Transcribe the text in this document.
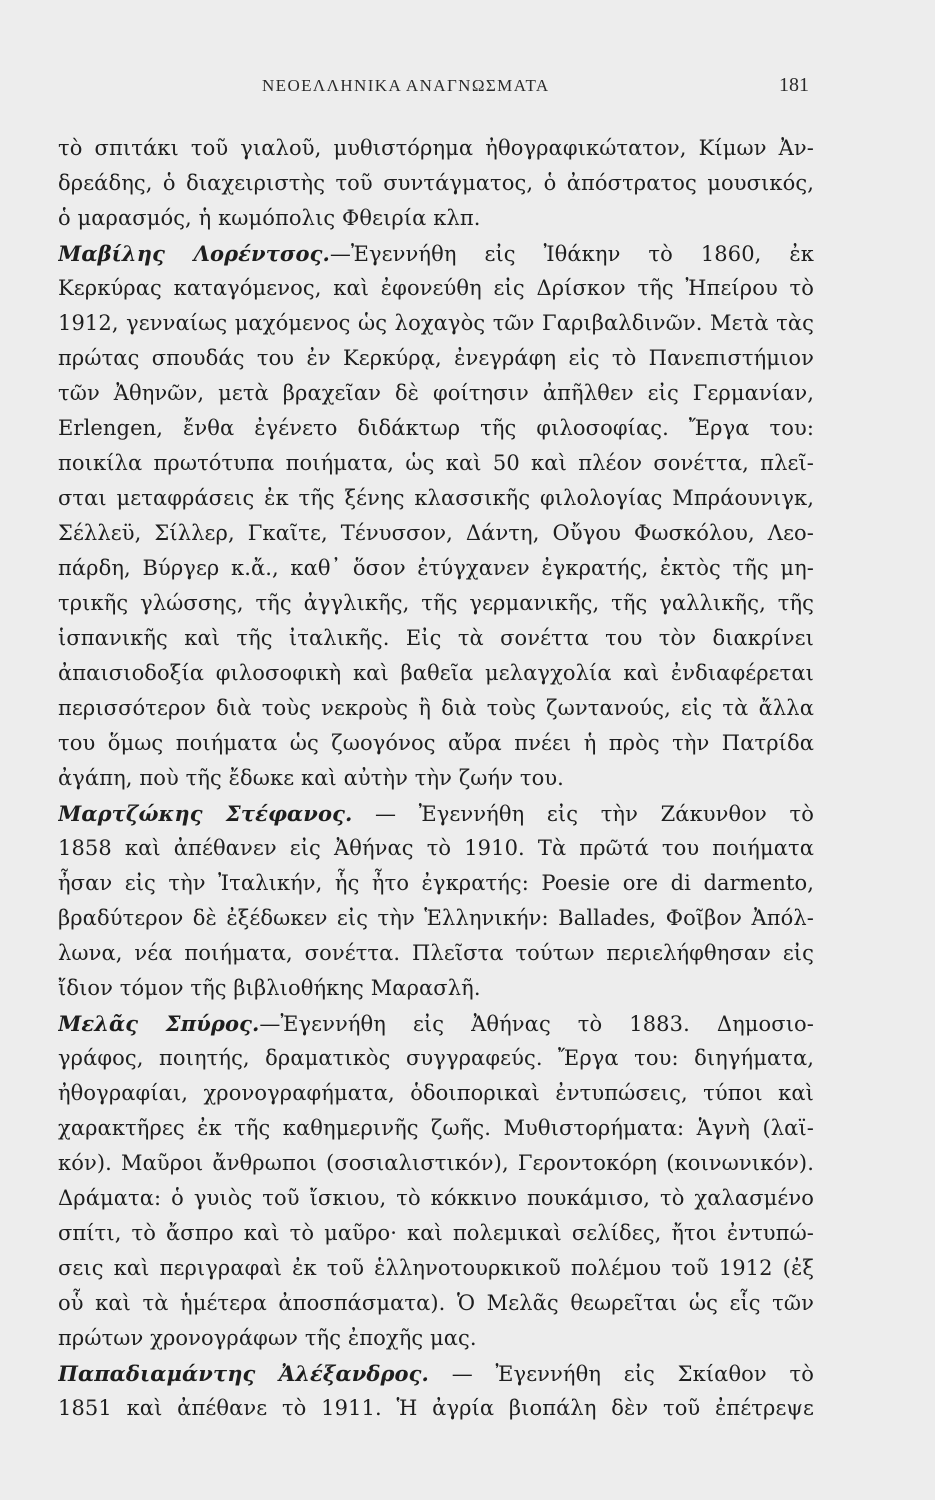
ΝΕΟΕΛΛΗΝΙΚΑ ΑΝΑΓΝΩΣΜΑΤΑ	181
τὸ σπιτάκι τοῦ γιαλοῦ, μυθιστόρημα ἠθογραφικώτατον, Κίμων Ἀν-
δρεάδης, ὁ διαχειριστὴς τοῦ συντάγματος, ὁ ἀπόστρατος μουσικός,
ὁ μαρασμός, ἡ κωμόπολις Φθειρία κλπ.
Μαβίλης Λορέντσος.—Ἐγεννήθη εἰς Ἰθάκην τὸ 1860, ἐκ
Κερκύρας καταγόμενος, καὶ ἐφονεύθη εἰς Δρίσκον τῆς Ἠπείρου τὸ
1912, γενναίως μαχόμενος ὡς λοχαγὸς τῶν Γαριβαλδινῶν. Μετὰ τὰς
πρώτας σπουδάς του ἐν Κερκύρᾳ, ἐνεγράφη εἰς τὸ Πανεπιστήμιον
τῶν Ἀθηνῶν, μετὰ βραχεῖαν δὲ φοίτησιν ἀπῆλθεν εἰς Γερμανίαν,
Erlengen, ἔνθα ἐγένετο διδάκτωρ τῆς φιλοσοφίας. Ἔργα του:
ποικίλα πρωτότυπα ποιήματα, ὡς καὶ 50 καὶ πλέον σονέττα, πλεῖ-
σται μεταφράσεις ἐκ τῆς ξένης κλασσικῆς φιλολογίας Μπράουνιγκ,
Σέλλεϋ, Σίλλερ, Γκαῖτε, Τένυσσον, Δάντη, Οὔγου Φωσκόλου, Λεο-
πάρδη, Βύργερ κ.ἄ., καθ᾿ ὅσον ἐτύγχανεν ἐγκρατής, ἐκτὸς τῆς μη-
τρικῆς γλώσσης, τῆς ἀγγλικῆς, τῆς γερμανικῆς, τῆς γαλλικῆς, τῆς
ἱσπανικῆς καὶ τῆς ἰταλικῆς. Εἰς τὰ σονέττα του τὸν διακρίνει
ἀπαισιοδοξία φιλοσοφικὴ καὶ βαθεῖα μελαγχολία καὶ ἐνδιαφέρεται
περισσότερον διὰ τοὺς νεκροὺς ἢ διὰ τοὺς ζωντανούς, εἰς τὰ ἄλλα
του ὅμως ποιήματα ὡς ζωογόνος αὔρα πνέει ἡ πρὸς τὴν Πατρίδα
ἀγάπη, ποὺ τῆς ἔδωκε καὶ αὐτὴν τὴν ζωήν του.
Μαρτζώκης Στέφανος. — Ἐγεννήθη εἰς τὴν Ζάκυνθον τὸ
1858 καὶ ἀπέθανεν εἰς Ἀθήνας τὸ 1910. Τὰ πρῶτά του ποιήματα
ἦσαν εἰς τὴν Ἰταλικήν, ἧς ἦτο ἐγκρατής: Poesie ore di darmento,
βραδύτερον δὲ ἐξέδωκεν εἰς τὴν Ἑλληνικήν: Ballades, Φοῖβον Ἀπόλ-
λωνα, νέα ποιήματα, σονέττα. Πλεῖστα τούτων περιελήφθησαν εἰς
ἴδιον τόμον τῆς βιβλιοθήκης Μαρασλῆ.
Μελᾶς Σπύρος.—Ἐγεννήθη εἰς Ἀθήνας τὸ 1883. Δημοσιο-
γράφος, ποιητής, δραματικὸς συγγραφεύς. Ἔργα του: διηγήματα,
ἠθογραφίαι, χρονογραφήματα, ὁδοιπορικαὶ ἐντυπώσεις, τύποι καὶ
χαρακτῆρες ἐκ τῆς καθημερινῆς ζωῆς. Μυθιστορήματα: Ἁγνὴ (λαϊ-
κόν). Μαῦροι ἄνθρωποι (σοσιαλιστικόν), Γεροντοκόρη (κοινωνικόν).
Δράματα: ὁ γυιὸς τοῦ ἴσκιου, τὸ κόκκινο πουκάμισο, τὸ χαλασμένο
σπίτι, τὸ ἄσπρο καὶ τὸ μαῦρο· καὶ πολεμικαὶ σελίδες, ἤτοι ἐντυπώ-
σεις καὶ περιγραφαὶ ἐκ τοῦ ἑλληνοτουρκικοῦ πολέμου τοῦ 1912 (ἐξ
οὗ καὶ τὰ ἡμέτερα ἀποσπάσματα). Ὁ Μελᾶς θεωρεῖται ὡς εἷς τῶν
πρώτων χρονογράφων τῆς ἐποχῆς μας.
Παπαδιαμάντης Ἀλέξανδρος. — Ἐγεννήθη εἰς Σκίαθον τὸ
1851 καὶ ἀπέθανε τὸ 1911. Ἡ ἀγρία βιοπάλη δὲν τοῦ ἐπέτρεψε
